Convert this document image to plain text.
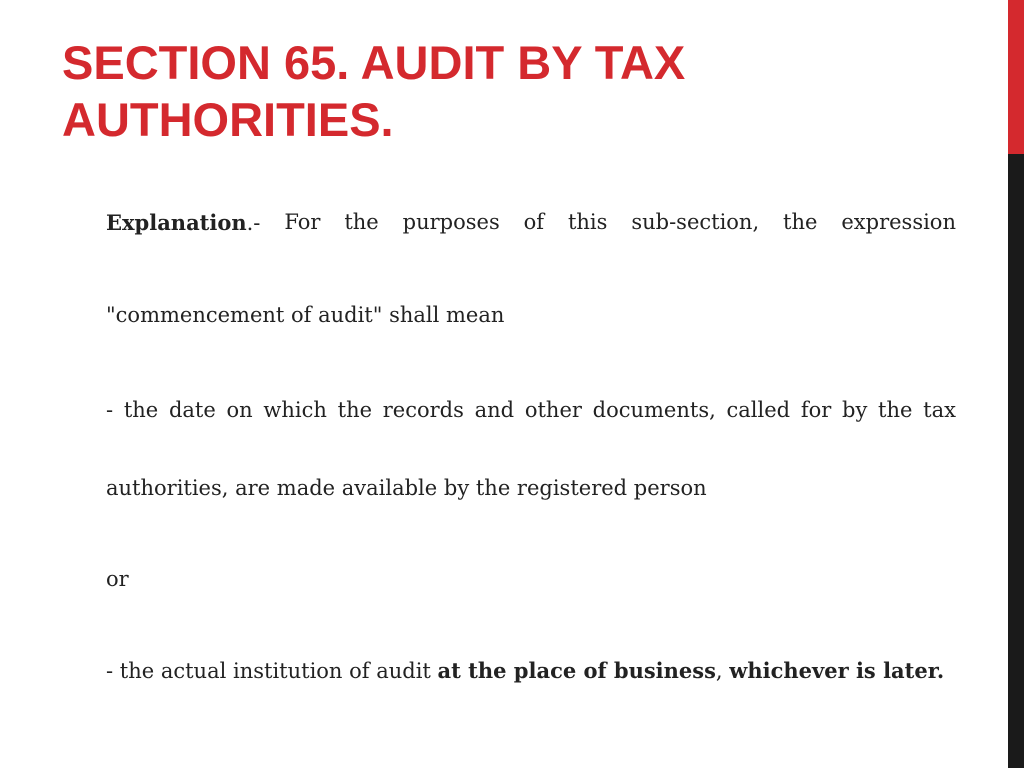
SECTION 65. AUDIT BY TAX
AUTHORITIES.
Explanation.- For the purposes of this sub-section, the expression
"commencement of audit" shall mean
- the date on which the records and other documents, called for by the tax
authorities, are made available by the registered person
or
- the actual institution of audit at the place of business, whichever is later.
